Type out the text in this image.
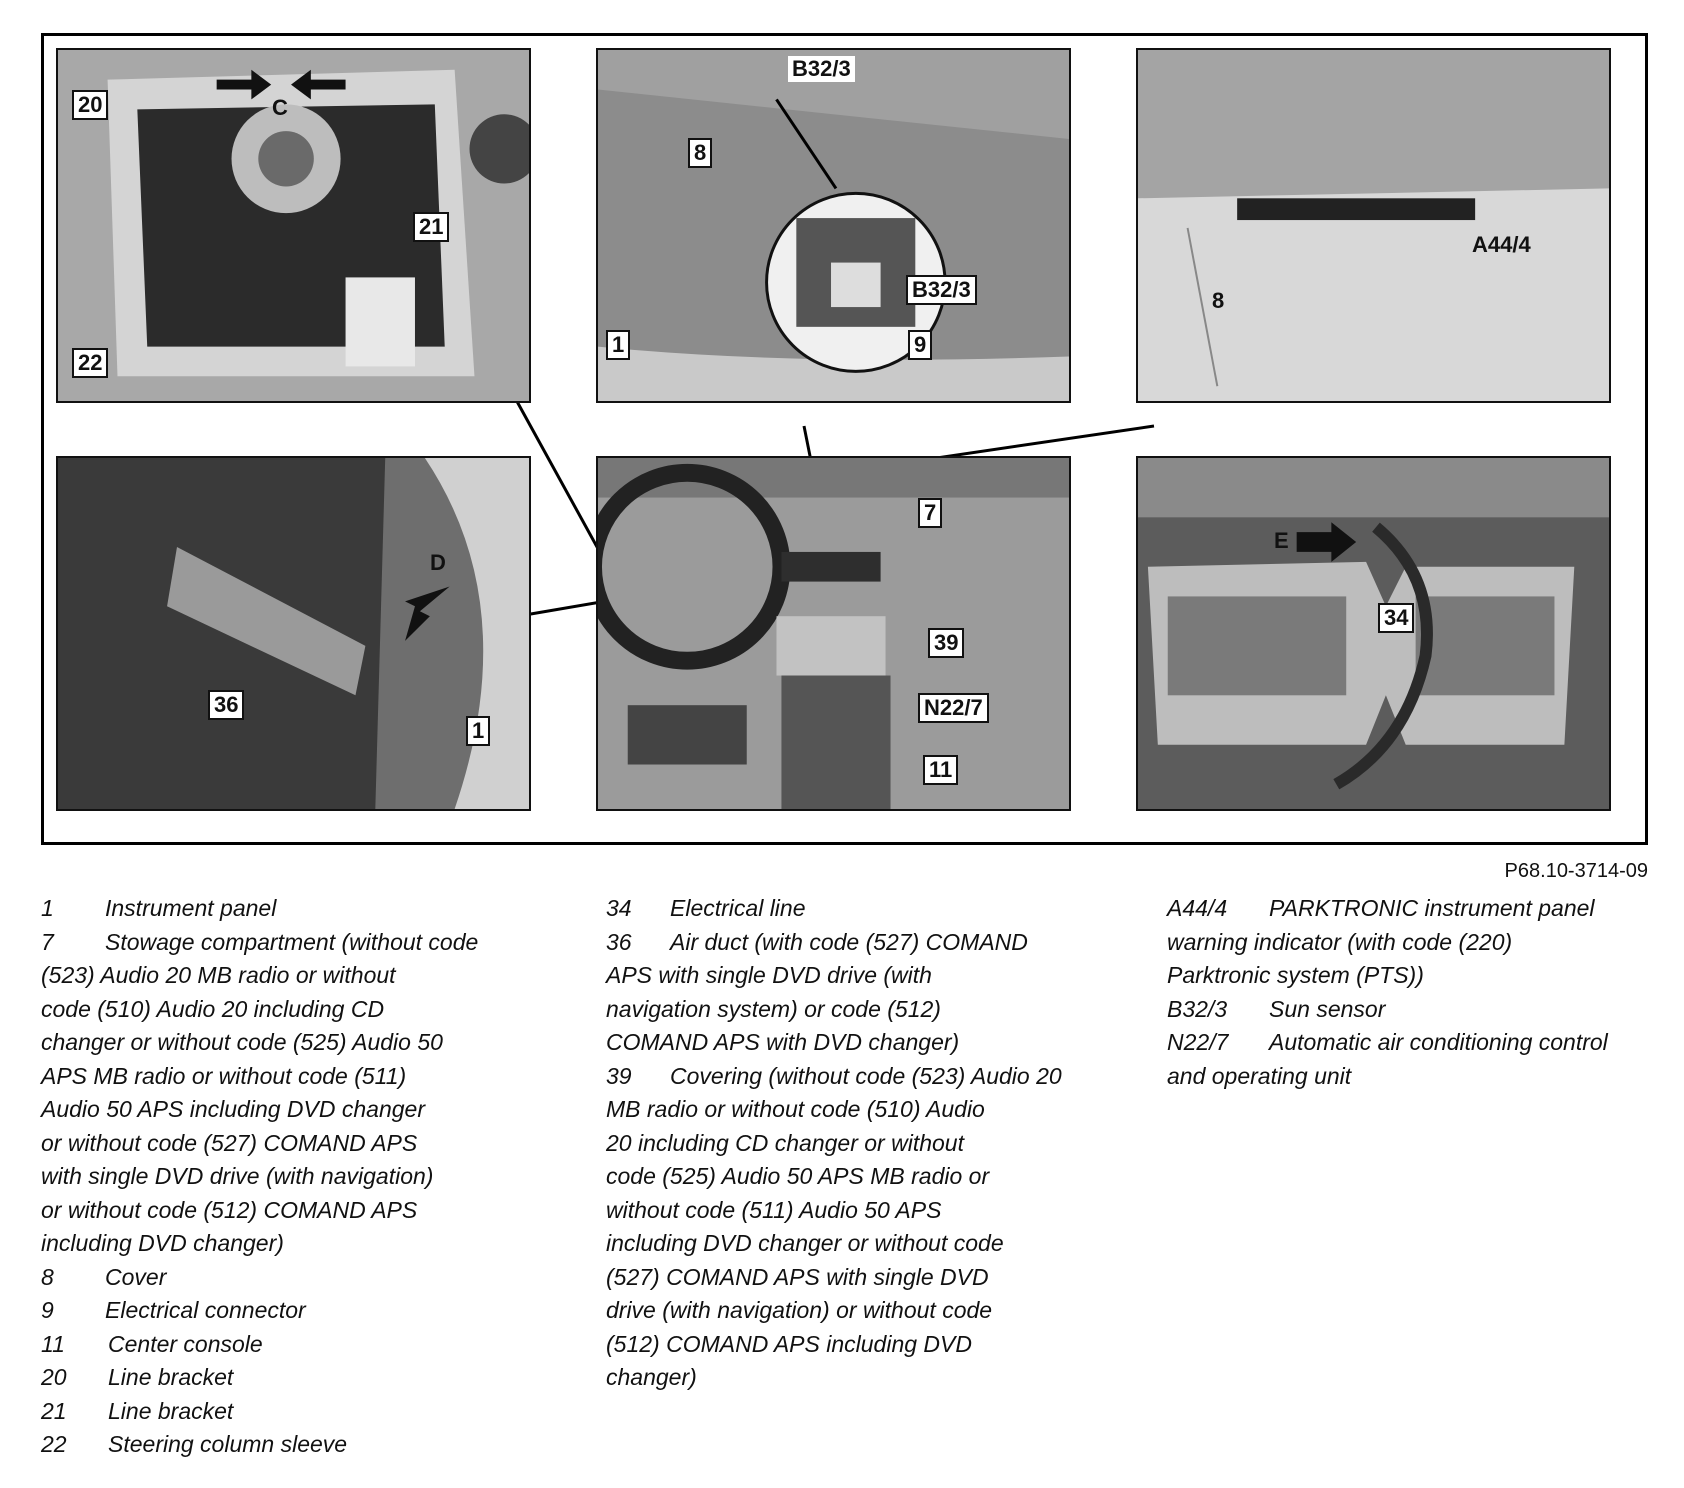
20	C
21
22
B32/3
8
B32/3
1	9
A44/4
8
D
36
1
7
39
N22/7
11
E
34
P68.10-3714-09

1 Instrument panel

7 Stowage compartment (without code

(523) Audio 20 MB radio or without

code (510) Audio 20 including CD

changer or without code (525) Audio 50

APS MB radio or without code (511)

Audio 50 APS including DVD changer

or without code (527) COMAND APS

with single DVD drive (with navigation)

or without code (512) COMAND APS

including DVD changer)

8 Cover

9 Electrical connector

11 Center console

20 Line bracket

21 Line bracket

22 Steering column sleeve

34 Electrical line

36 Air duct (with code (527) COMAND

APS with single DVD drive (with

navigation system) or code (512)

COMAND APS with DVD changer)

39 Covering (without code (523) Audio 20

MB radio or without code (510) Audio

20 including CD changer or without

code (525) Audio 50 APS MB radio or

without code (511) Audio 50 APS

including DVD changer or without code

(527) COMAND APS with single DVD

drive (with navigation) or without code

(512) COMAND APS including DVD

changer)

A44/4 PARKTRONIC instrument panel

warning indicator (with code (220)

Parktronic system (PTS))

B32/3 Sun sensor

N22/7 Automatic air conditioning control

and operating unit
